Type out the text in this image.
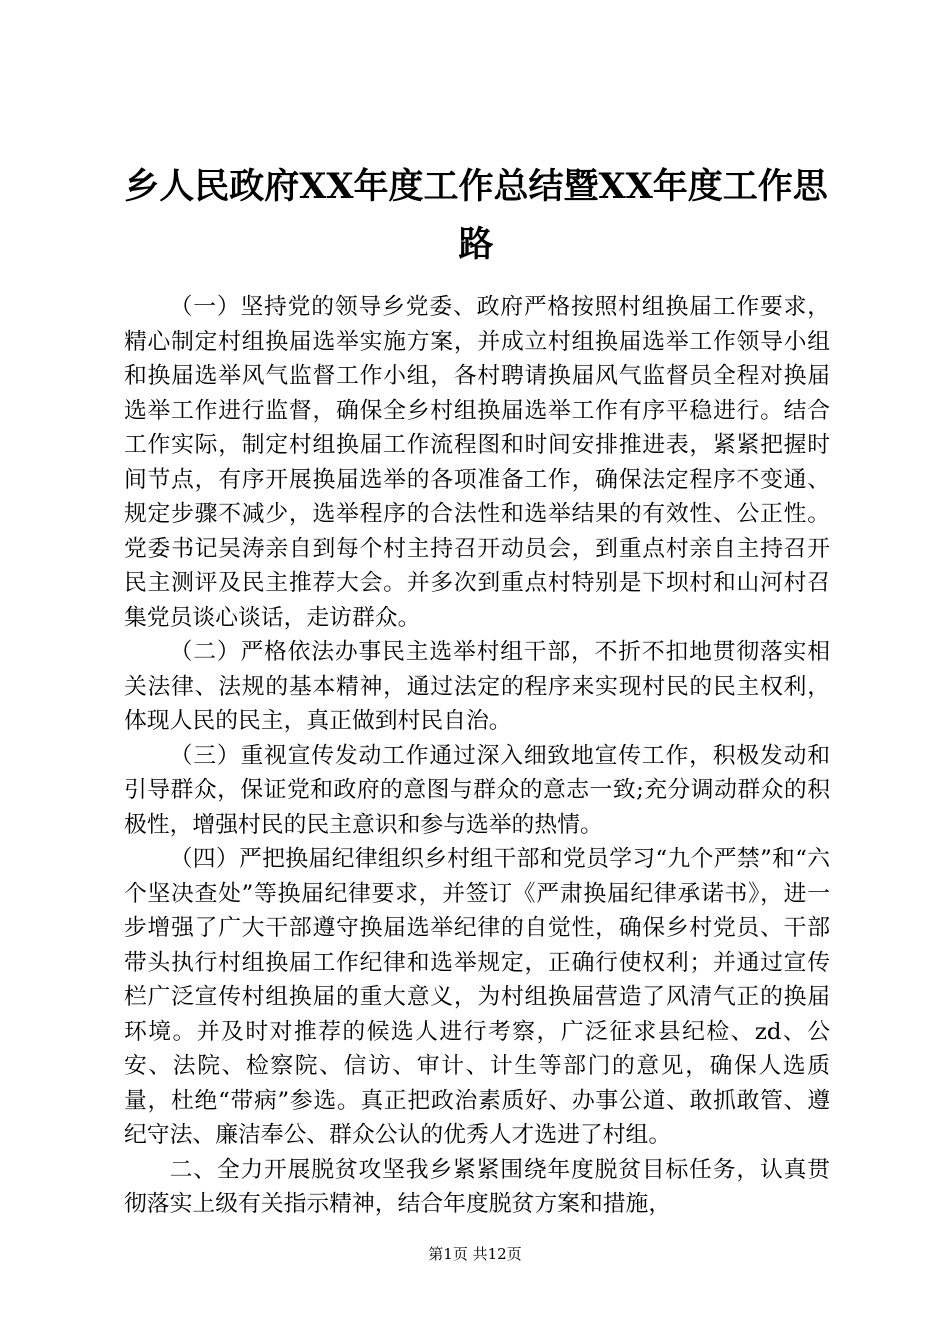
乡人民政府XX年度工作总结暨XX年度工作思路

（一）坚持党的领导乡党委、政府严格按照村组换届工作要求，精心制定村组换届选举实施方案，并成立村组换届选举工作领导小组和换届选举风气监督工作小组，各村聘请换届风气监督员全程对换届选举工作进行监督，确保全乡村组换届选举工作有序平稳进行。结合工作实际，制定村组换届工作流程图和时间安排推进表，紧紧把握时间节点，有序开展换届选举的各项准备工作，确保法定程序不变通、规定步骤不减少，选举程序的合法性和选举结果的有效性、公正性。党委书记吴涛亲自到每个村主持召开动员会，到重点村亲自主持召开民主测评及民主推荐大会。并多次到重点村特别是下坝村和山河村召集党员谈心谈话，走访群众。

（二）严格依法办事民主选举村组干部，不折不扣地贯彻落实相关法律、法规的基本精神，通过法定的程序来实现村民的民主权利，体现人民的民主，真正做到村民自治。

（三）重视宣传发动工作通过深入细致地宣传工作，积极发动和引导群众，保证党和政府的意图与群众的意志一致;充分调动群众的积极性，增强村民的民主意识和参与选举的热情。

（四）严把换届纪律组织乡村组干部和党员学习“九个严禁”和“六个坚决查处”等换届纪律要求，并签订《严肃换届纪律承诺书》，进一步增强了广大干部遵守换届选举纪律的自觉性，确保乡村党员、干部带头执行村组换届工作纪律和选举规定，正确行使权利；并通过宣传栏广泛宣传村组换届的重大意义，为村组换届营造了风清气正的换届环境。并及时对推荐的候选人进行考察，广泛征求县纪检、zd、公安、法院、检察院、信访、审计、计生等部门的意见，确保人选质量，杜绝“带病”参选。真正把政治素质好、办事公道、敢抓敢管、遵纪守法、廉洁奉公、群众公认的优秀人才选进了村组。

二、全力开展脱贫攻坚我乡紧紧围绕年度脱贫目标任务，认真贯彻落实上级有关指示精神，结合年度脱贫方案和措施，

第1页 共12页
